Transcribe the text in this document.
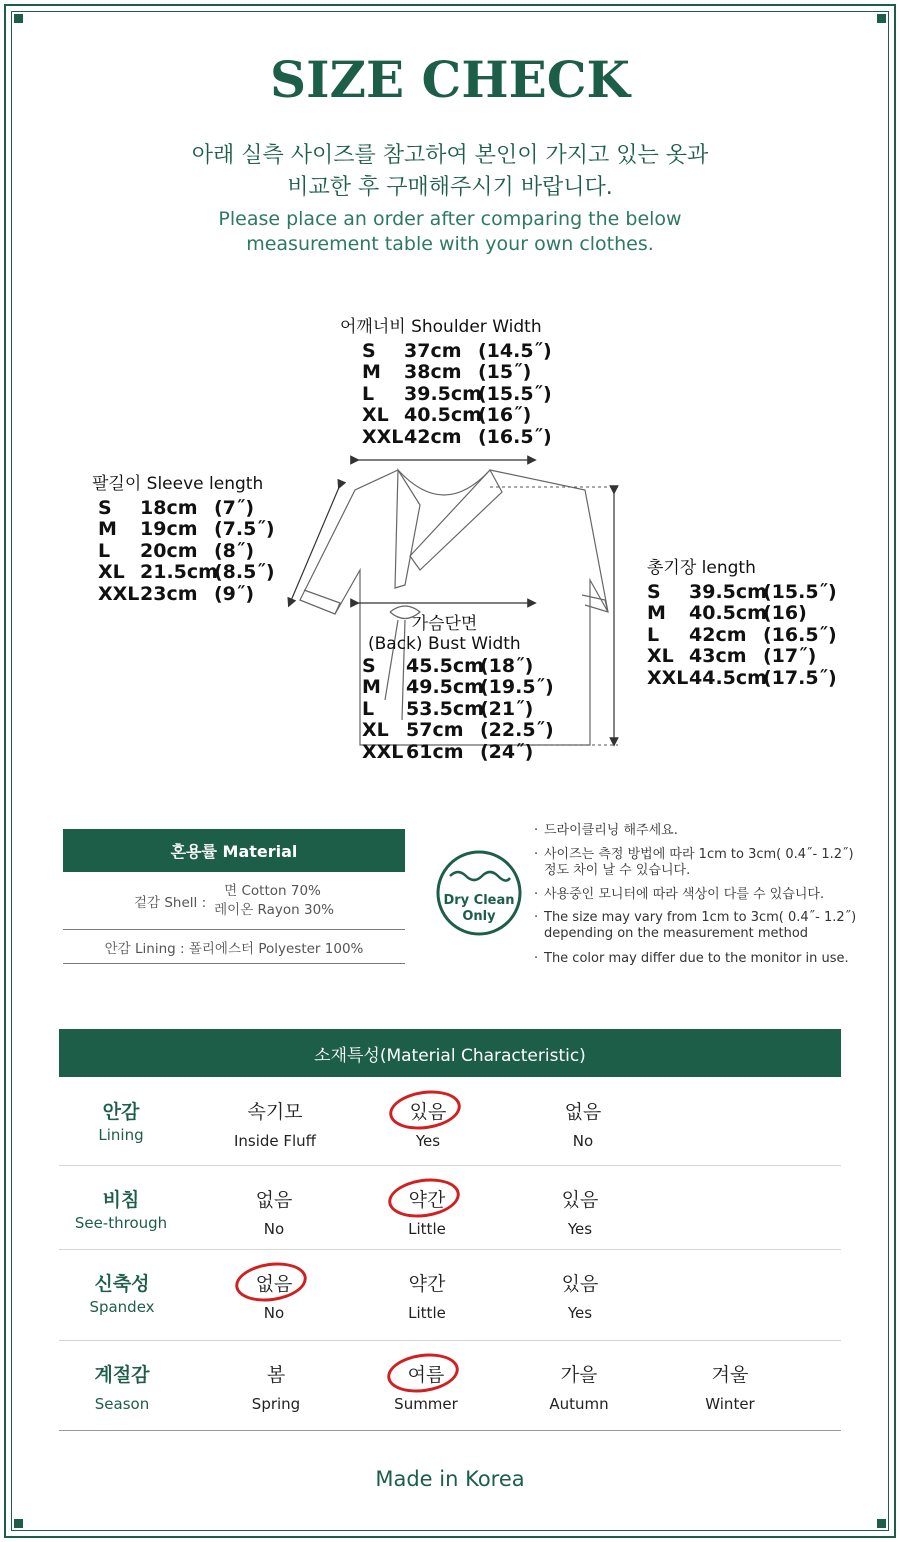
SIZE CHECK
아래 실측 사이즈를 참고하여 본인이 가지고 있는 옷과
비교한 후 구매해주시기 바랍니다.
Please place an order after comparing the below
measurement table with your own clothes.
어깨너비 Shoulder Width
S 37cm (14.5˝)
M 38cm (15˝)
L 39.5cm(15.5˝)
XL 40.5cm(16˝)
XXL42cm (16.5˝)
팔길이 Sleeve length
S 18cm (7˝)
M 19cm (7.5˝)
L 20cm (8˝)
XL 21.5cm(8.5˝)
XXL23cm (9˝)
가슴단면
(Back) Bust Width
S 45.5cm(18˝)
M 49.5cm(19.5˝)
L 53.5cm(21˝)
XL 57cm (22.5˝)
XXL 61cm (24˝)
총기장 length
S 39.5cm(15.5˝)
M 40.5cm(16)
L 42cm (16.5˝)
XL 43cm (17˝)
XXL44.5cm(17.5˝)
혼용률 Material
겉감 Shell :
면 Cotton 70%
레이온 Rayon 30%
안감 Lining : 폴리에스터 Polyester 100%
Dry Clean
Only
· 드라이클리닝 해주세요.
· 사이즈는 측정 방법에 따라 1cm to 3cm( 0.4˝- 1.2˝)
정도 차이 날 수 있습니다.
· 사용중인 모니터에 따라 색상이 다를 수 있습니다.
· The size may vary from 1cm to 3cm( 0.4˝- 1.2˝)
depending on the measurement method
· The color may differ due to the monitor in use.
소재특성(Material Characteristic)
안감
Lining
속기모
Inside Fluff
있음
Yes
없음
No
비침
See-through
없음
No
약간
Little
있음
Yes
신축성
Spandex
없음
No
약간
Little
있음
Yes
계절감
Season
봄
Spring
여름
Summer
가을
Autumn
겨울
Winter
Made in Korea
